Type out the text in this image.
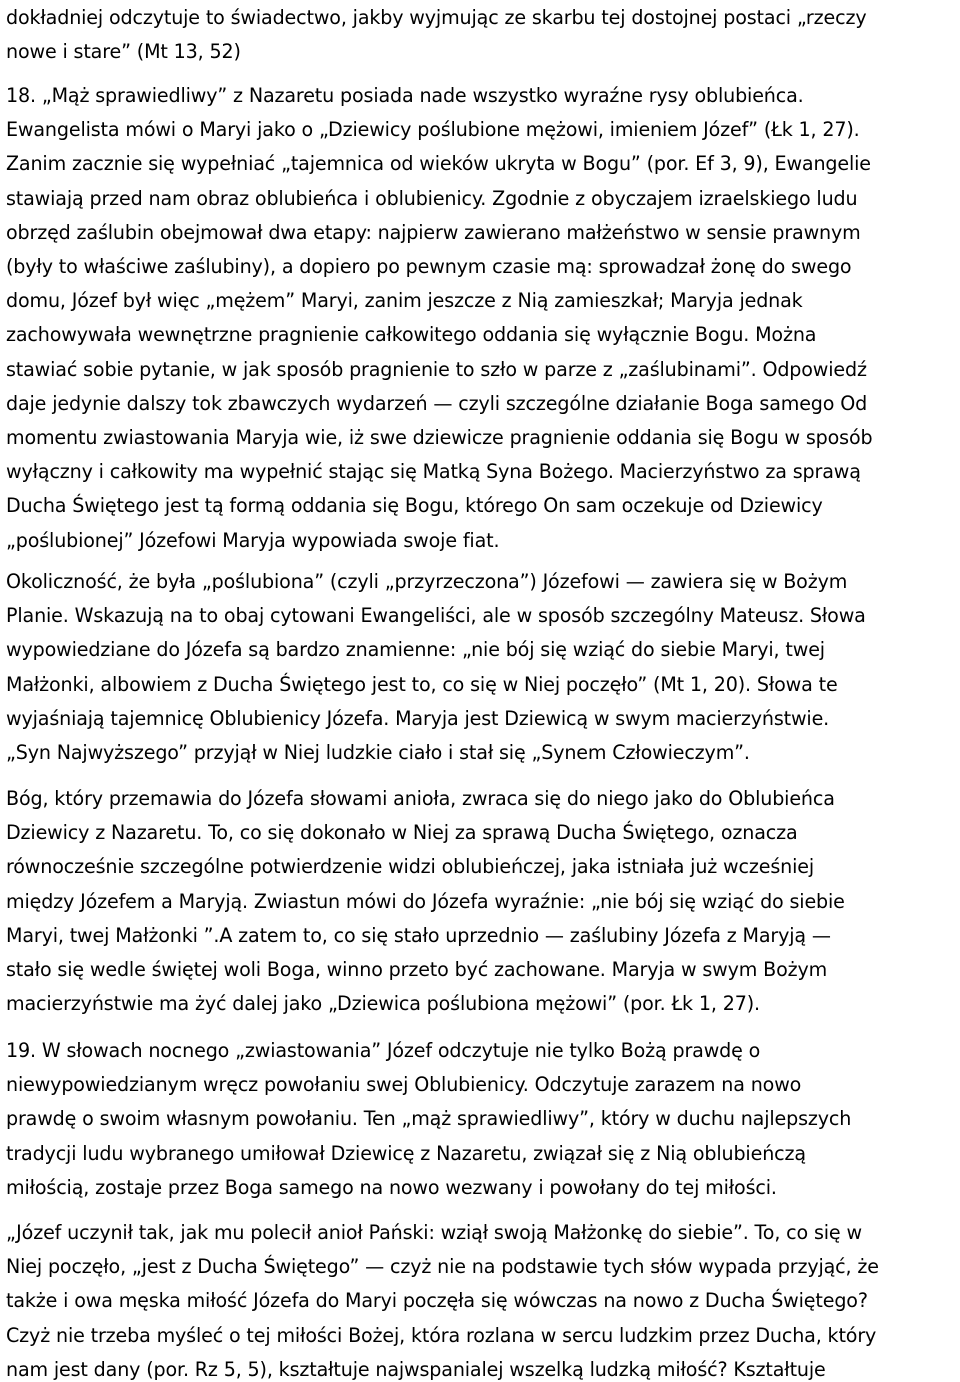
dokładniej odczytuje to świadectwo, jakby wyjmując ze skarbu tej dostojnej postaci „rzeczy
nowe i stare” (Mt 13, 52)
18. „Mąż sprawiedliwy” z Nazaretu posiada nade wszystko wyraźne rysy oblubieńca.
Ewangelista mówi o Maryi jako o „Dziewicy poślubione mężowi, imieniem Józef” (Łk 1, 27).
Zanim zacznie się wypełniać „tajemnica od wieków ukryta w Bogu” (por. Ef 3, 9), Ewangelie
stawiają przed nam obraz oblubieńca i oblubienicy. Zgodnie z obyczajem izraelskiego ludu
obrzęd zaślubin obejmował dwa etapy: najpierw zawierano małżeństwo w sensie prawnym
(były to właściwe zaślubiny), a dopiero po pewnym czasie mą: sprowadzał żonę do swego
domu, Józef był więc „mężem” Maryi, zanim jeszcze z Nią zamieszkał; Maryja jednak
zachowywała wewnętrzne pragnienie całkowitego oddania się wyłącznie Bogu. Można
stawiać sobie pytanie, w jak sposób pragnienie to szło w parze z „zaślubinami”. Odpowiedź
daje jedynie dalszy tok zbawczych wydarzeń — czyli szczególne działanie Boga samego Od
momentu zwiastowania Maryja wie, iż swe dziewicze pragnienie oddania się Bogu w sposób
wyłączny i całkowity ma wypełnić stając się Matką Syna Bożego. Macierzyństwo za sprawą
Ducha Świętego jest tą formą oddania się Bogu, którego On sam oczekuje od Dziewicy
„poślubionej” Józefowi Maryja wypowiada swoje fiat.
Okoliczność, że była „poślubiona” (czyli „przyrzeczona”) Józefowi — zawiera się w Bożym
Planie. Wskazują na to obaj cytowani Ewangeliści, ale w sposób szczególny Mateusz. Słowa
wypowiedziane do Józefa są bardzo znamienne: „nie bój się wziąć do siebie Maryi, twej
Małżonki, albowiem z Ducha Świętego jest to, co się w Niej poczęło” (Mt 1, 20). Słowa te
wyjaśniają tajemnicę Oblubienicy Józefa. Maryja jest Dziewicą w swym macierzyństwie.
„Syn Najwyższego” przyjął w Niej ludzkie ciało i stał się „Synem Człowieczym”.
Bóg, który przemawia do Józefa słowami anioła, zwraca się do niego jako do Oblubieńca
Dziewicy z Nazaretu. To, co się dokonało w Niej za sprawą Ducha Świętego, oznacza
równocześnie szczególne potwierdzenie widzi oblubieńczej, jaka istniała już wcześniej
między Józefem a Maryją. Zwiastun mówi do Józefa wyraźnie: „nie bój się wziąć do siebie
Maryi, twej Małżonki ”.A zatem to, co się stało uprzednio — zaślubiny Józefa z Maryją —
stało się wedle świętej woli Boga, winno przeto być zachowane. Maryja w swym Bożym
macierzyństwie ma żyć dalej jako „Dziewica poślubiona mężowi” (por. Łk 1, 27).
19. W słowach nocnego „zwiastowania” Józef odczytuje nie tylko Bożą prawdę o
niewypowiedzianym wręcz powołaniu swej Oblubienicy. Odczytuje zarazem na nowo
prawdę o swoim własnym powołaniu. Ten „mąż sprawiedliwy”, który w duchu najlepszych
tradycji ludu wybranego umiłował Dziewicę z Nazaretu, związał się z Nią oblubieńczą
miłością, zostaje przez Boga samego na nowo wezwany i powołany do tej miłości.
„Józef uczynił tak, jak mu polecił anioł Pański: wziął swoją Małżonkę do siebie”. To, co się w
Niej poczęło, „jest z Ducha Świętego” — czyż nie na podstawie tych słów wypada przyjąć, że
także i owa męska miłość Józefa do Maryi poczęła się wówczas na nowo z Ducha Świętego?
Czyż nie trzeba myśleć o tej miłości Bożej, która rozlana w sercu ludzkim przez Ducha, który
nam jest dany (por. Rz 5, 5), kształtuje najwspanialej wszelką ludzką miłość? Kształtuje
